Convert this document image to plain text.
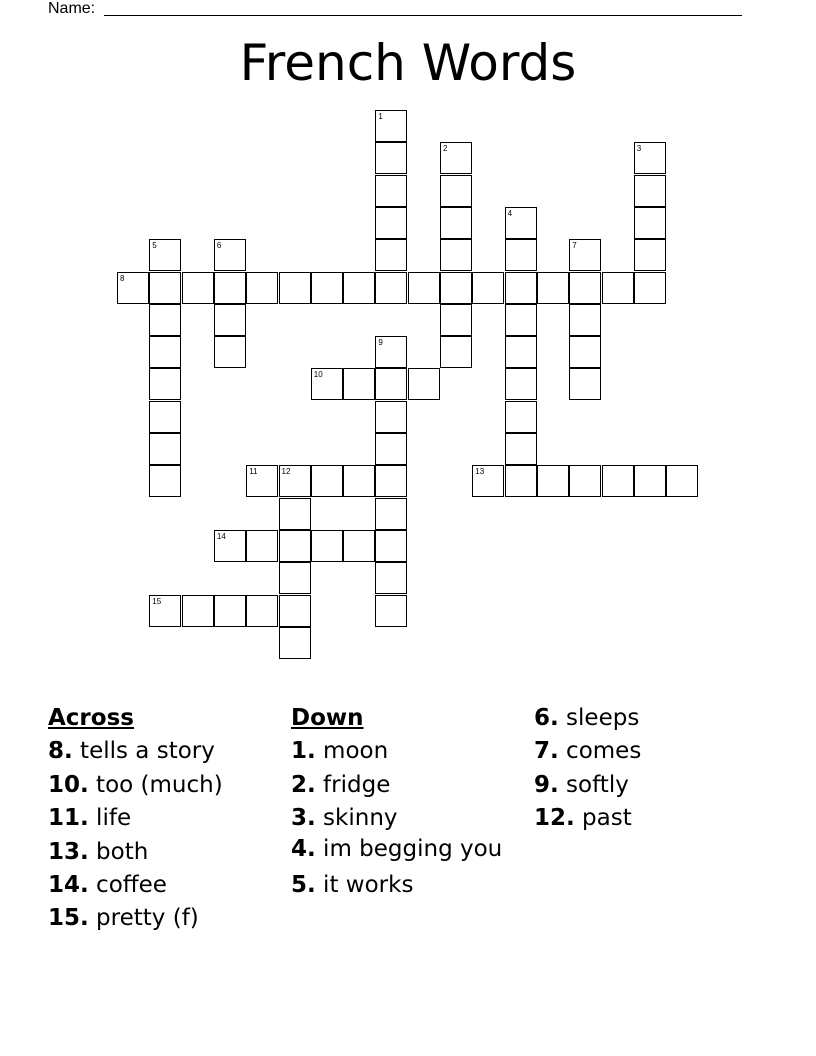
Name:
French Words
1
2	3
4
5	6	7
8
9
10
11	12	13
14
15
Across
8. tells a story
10. too (much)
11. life
13. both
14. coffee
15. pretty (f)
Down
1. moon
2. fridge
3. skinny
4. im begging you
5. it works
6. sleeps
7. comes
9. softly
12. past
